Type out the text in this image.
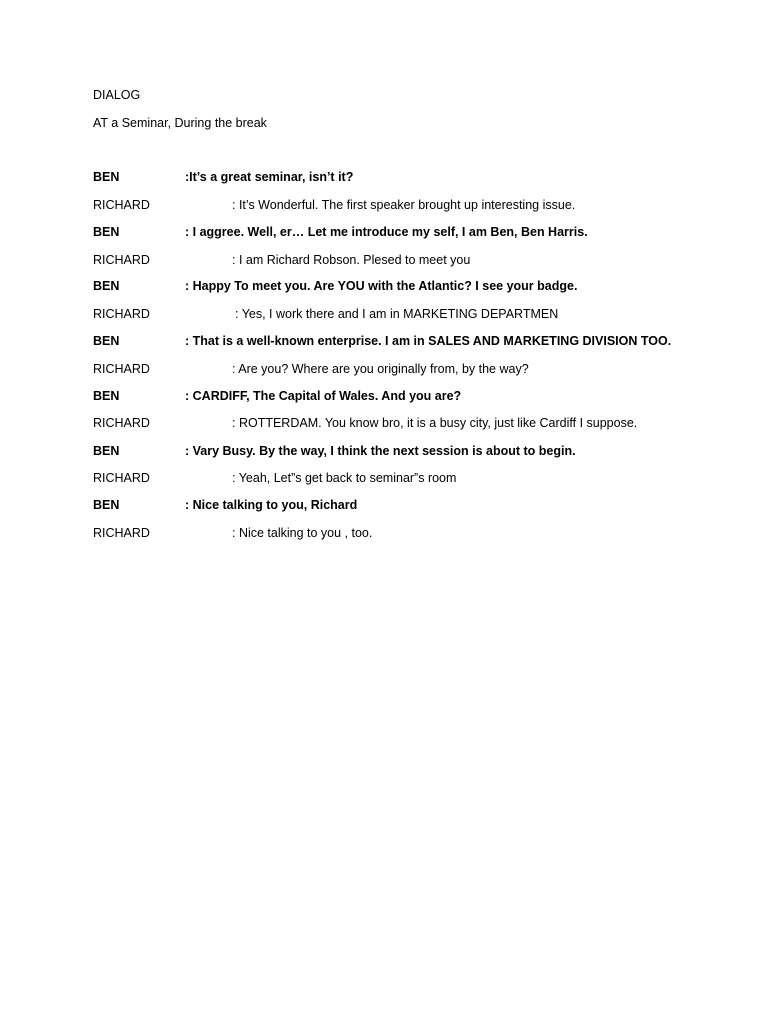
DIALOG
AT a Seminar, During the break
BEN	:It’s a great seminar, isn’t it?
RICHARD	: It’s Wonderful. The first speaker brought up interesting issue.
BEN	: I aggree. Well, er… Let me introduce my self, I am Ben, Ben Harris.
RICHARD	: I am Richard Robson. Plesed to meet you
BEN	: Happy To meet you. Are YOU with the Atlantic? I see your badge.
RICHARD	: Yes, I work there and I am in MARKETING DEPARTMEN
BEN	: That is a well-known enterprise. I am in SALES AND MARKETING DIVISION TOO.
RICHARD	: Are you? Where are you originally from, by the way?
BEN	: CARDIFF, The Capital of Wales. And you are?
RICHARD	: ROTTERDAM. You know bro, it is a busy city, just like Cardiff I suppose.
BEN	: Vary Busy. By the way, I think the next session is about to begin.
RICHARD	: Yeah, Let”s get back to seminar”s room
BEN	: Nice talking to you, Richard
RICHARD	: Nice talking to you , too.
